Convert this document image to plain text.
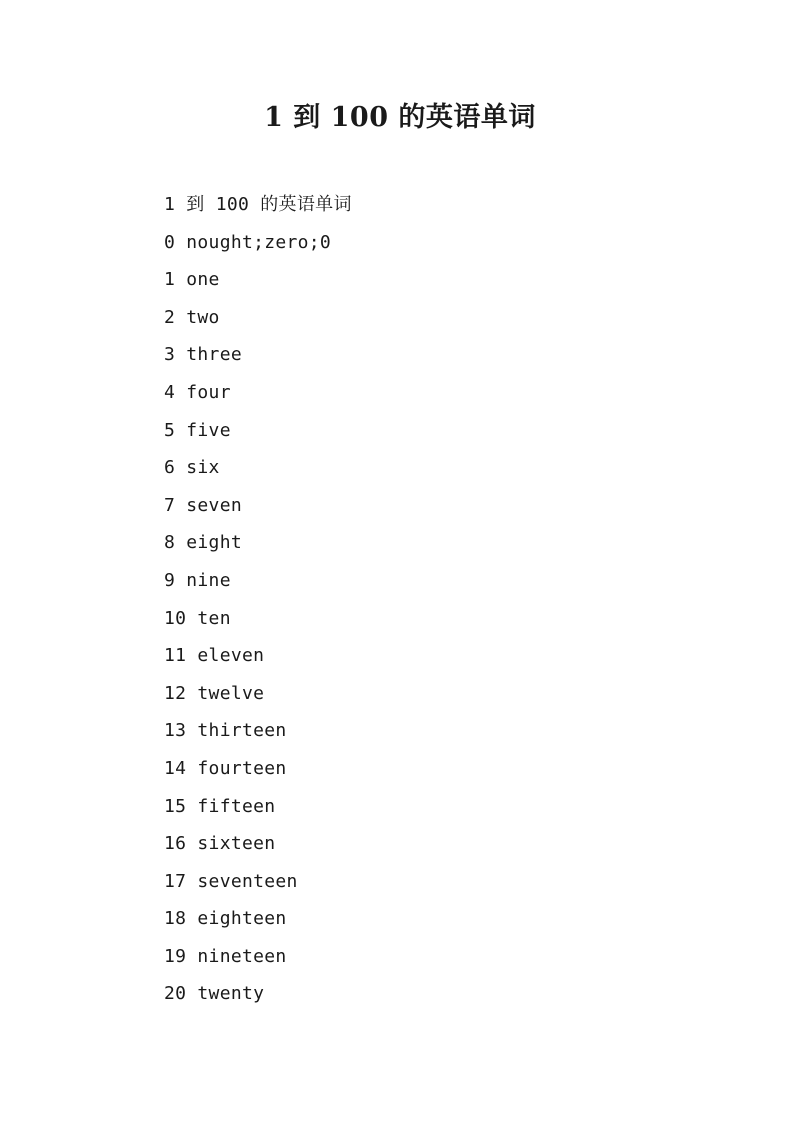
1 到 100 的英语单词
1 到 100 的英语单词
0 nought;zero;0
1 one
2 two
3 three
4 four
5 five
6 six
7 seven
8 eight
9 nine
10 ten
11 eleven
12 twelve
13 thirteen
14 fourteen
15 fifteen
16 sixteen
17 seventeen
18 eighteen
19 nineteen
20 twenty
